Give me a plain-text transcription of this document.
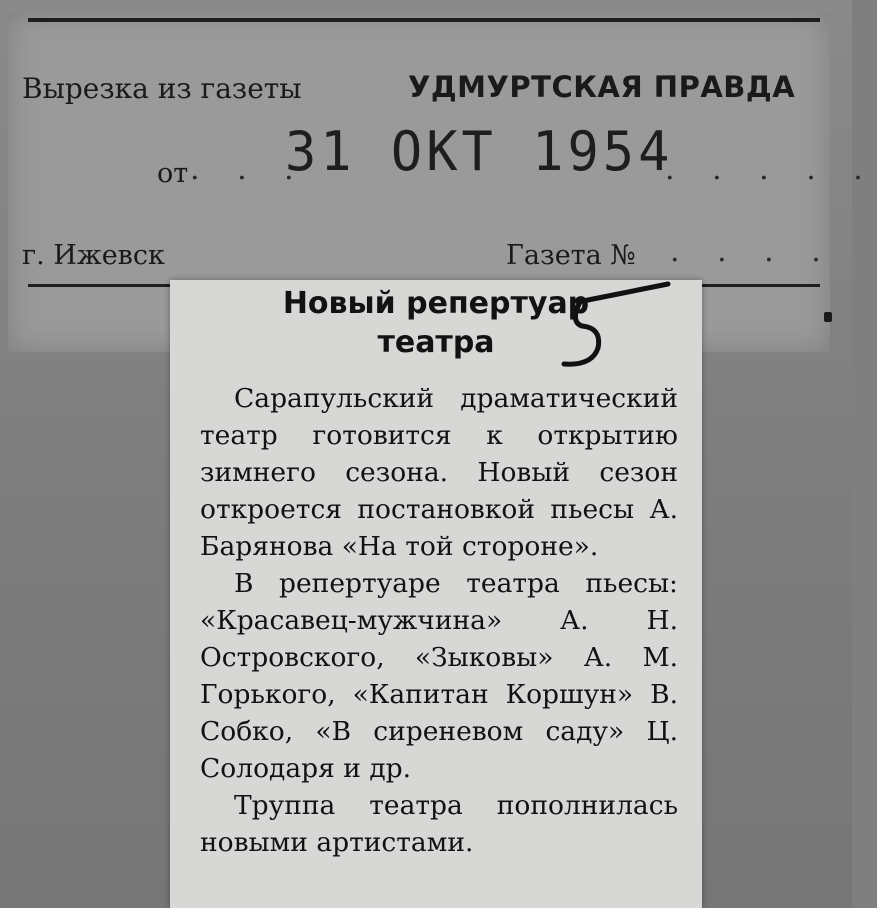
Вырезка из газеты	УДМУРТСКАЯ ПРАВДА
от . . .
31 ОКТ 1954
. . . . .
г. Ижевск	Газета № . . . .
Новый репертуар
театра

Сарапульский драматический театр готовится к открытию зимнего сезона. Новый сезон откроется постановкой пьесы А. Барянова «На той стороне».

В репертуаре театра пьесы: «Красавец-мужчина» А. Н. Островского, «Зыковы» А. М. Горького, «Капитан Коршун» В. Собко, «В сиреневом саду» Ц. Солодаря и др.

Труппа театра пополнилась новыми артистами.
